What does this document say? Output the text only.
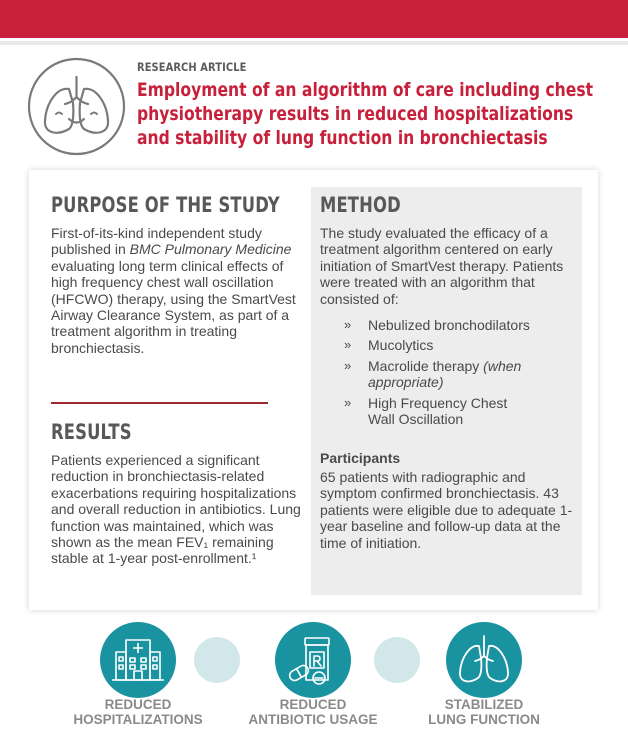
RESEARCH ARTICLE
Employment of an algorithm of care including chest physiotherapy results in reduced hospitalizations and stability of lung function in bronchiectasis
PURPOSE OF THE STUDY

First-of-its-kind independent study published in BMC Pulmonary Medicine evaluating long term clinical effects of high frequency chest wall oscillation (HFCWO) therapy, using the SmartVest Airway Clearance System, as part of a treatment algorithm in treating bronchiectasis.

RESULTS

Patients experienced a significant reduction in bronchiectasis-related exacerbations requiring hospitalizations and overall reduction in antibiotics. Lung function was maintained, which was shown as the mean FEV₁ remaining stable at 1-year post-enrollment.¹

METHOD

The study evaluated the efficacy of a treatment algorithm centered on early initiation of SmartVest therapy. Patients were treated with an algorithm that consisted of:

» Nebulized bronchodilators
» Mucolytics
» Macrolide therapy (when appropriate)
» High Frequency Chest Wall Oscillation
Participants

65 patients with radiographic and symptom confirmed bronchiectasis. 43 patients were eligible due to adequate 1-year baseline and follow-up data at the time of initiation.

REDUCED
HOSPITALIZATIONS
REDUCED
ANTIBIOTIC USAGE
STABILIZED
LUNG FUNCTION
